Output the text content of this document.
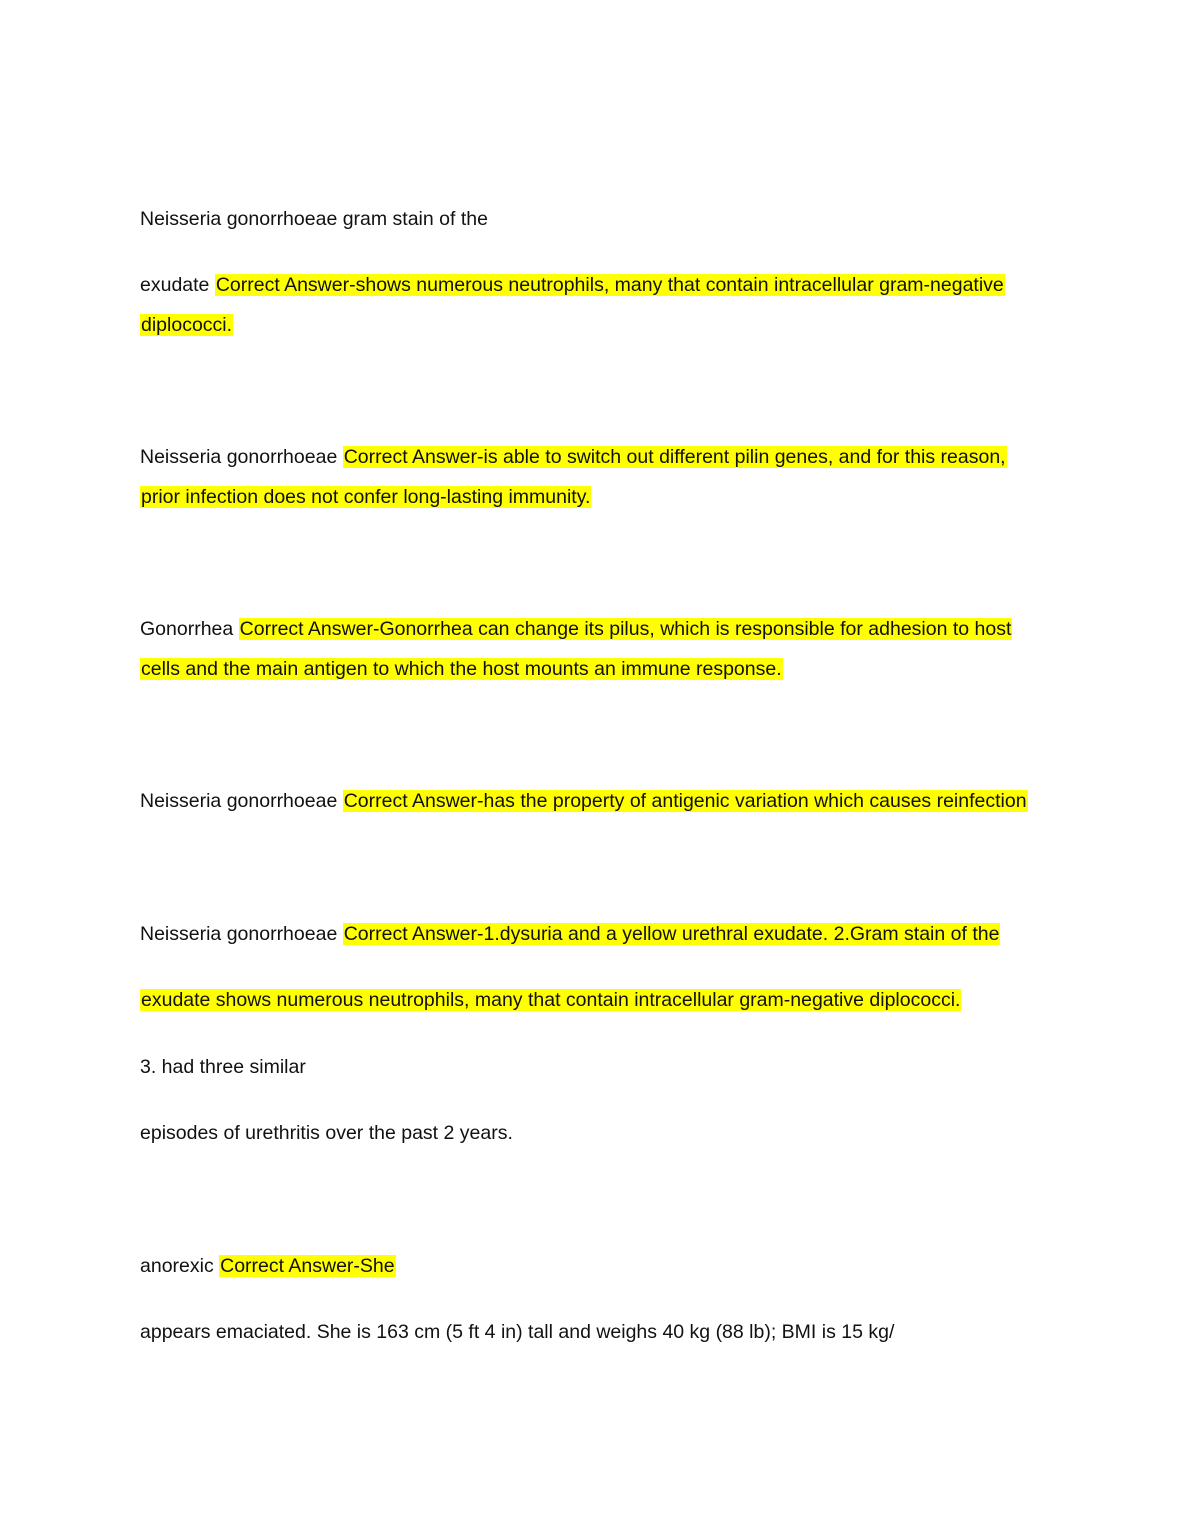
Neisseria gonorrhoeae gram stain of the
exudate Correct Answer-shows numerous neutrophils, many that contain intracellular gram-negative
diplococci.
Neisseria gonorrhoeae Correct Answer-is able to switch out different pilin genes, and for this reason,
prior infection does not confer long-lasting immunity.
Gonorrhea Correct Answer-Gonorrhea can change its pilus, which is responsible for adhesion to host
cells and the main antigen to which the host mounts an immune response.
Neisseria gonorrhoeae Correct Answer-has the property of antigenic variation which causes reinfection
Neisseria gonorrhoeae Correct Answer-1.dysuria and a yellow urethral exudate. 2.Gram stain of the
exudate shows numerous neutrophils, many that contain intracellular gram-negative diplococci.
3. had three similar
episodes of urethritis over the past 2 years.
anorexic Correct Answer-She
appears emaciated. She is 163 cm (5 ft 4 in) tall and weighs 40 kg (88 lb); BMI is 15 kg/
